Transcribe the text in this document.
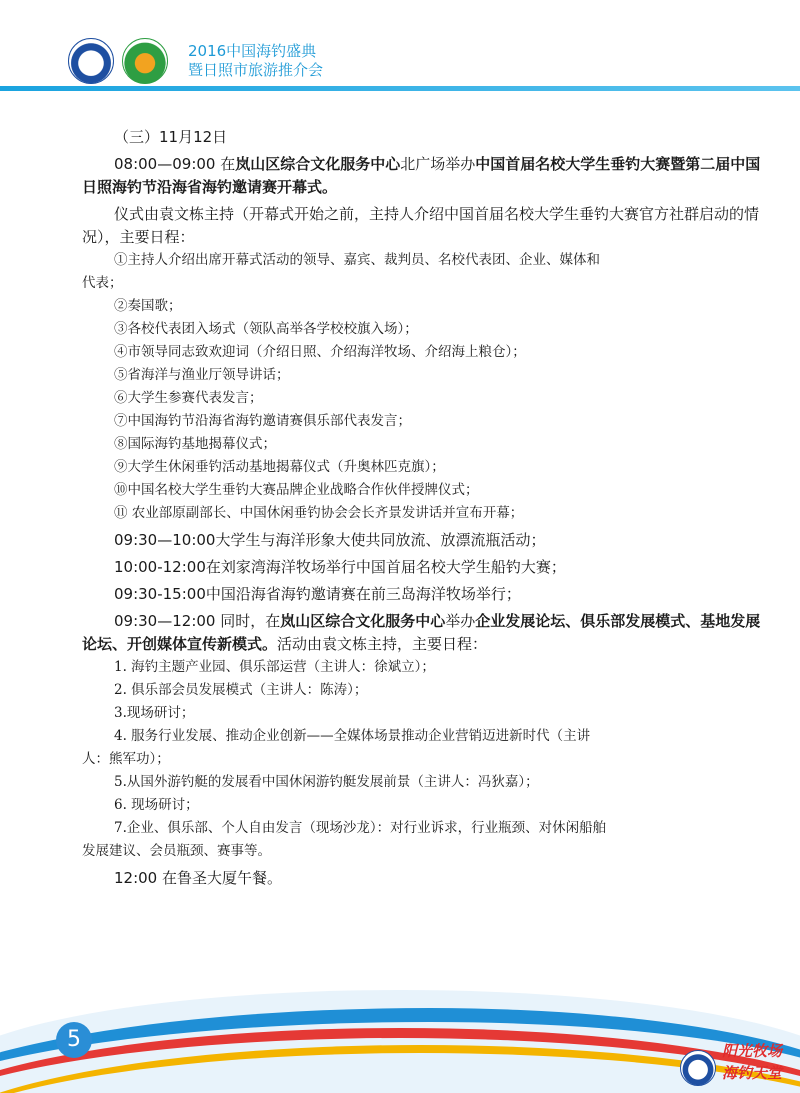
2016中国海钓盛典
暨日照市旅游推介会

（三）11月12日

08:00—09:00 在岚山区综合文化服务中心北广场举办中国首届名校大学生垂钓大赛暨第二届中国日照海钓节沿海省海钓邀请赛开幕式。

仪式由袁文栋主持（开幕式开始之前，主持人介绍中国首届名校大学生垂钓大赛官方社群启动的情况），主要日程：

①主持人介绍出席开幕式活动的领导、嘉宾、裁判员、名校代表团、企业、媒体和

代表；

②奏国歌；

③各校代表团入场式（领队高举各学校校旗入场）；

④市领导同志致欢迎词（介绍日照、介绍海洋牧场、介绍海上粮仓）；

⑤省海洋与渔业厅领导讲话；

⑥大学生参赛代表发言；

⑦中国海钓节沿海省海钓邀请赛俱乐部代表发言；

⑧国际海钓基地揭幕仪式；

⑨大学生休闲垂钓活动基地揭幕仪式（升奥林匹克旗）；

⑩中国名校大学生垂钓大赛品牌企业战略合作伙伴授牌仪式；

⑪ 农业部原副部长、中国休闲垂钓协会会长齐景发讲话并宣布开幕；

09:30—10:00大学生与海洋形象大使共同放流、放漂流瓶活动；

10:00-12:00在刘家湾海洋牧场举行中国首届名校大学生船钓大赛；

09:30-15:00中国沿海省海钓邀请赛在前三岛海洋牧场举行；

09:30—12:00 同时，在岚山区综合文化服务中心举办企业发展论坛、俱乐部发展模式、基地发展论坛、开创媒体宣传新模式。活动由袁文栋主持，主要日程：

1. 海钓主题产业园、俱乐部运营（主讲人：徐斌立）；

2. 俱乐部会员发展模式（主讲人：陈涛）；

3.现场研讨；

4. 服务行业发展、推动企业创新——全媒体场景推动企业营销迈进新时代（主讲

人：熊军功）；

5.从国外游钓艇的发展看中国休闲游钓艇发展前景（主讲人：冯狄嘉）；

6. 现场研讨；

7.企业、俱乐部、个人自由发言（现场沙龙）：对行业诉求，行业瓶颈、对休闲船舶

发展建议、会员瓶颈、赛事等。

12:00 在鲁圣大厦午餐。

5	阳光牧场
海钓天堂
